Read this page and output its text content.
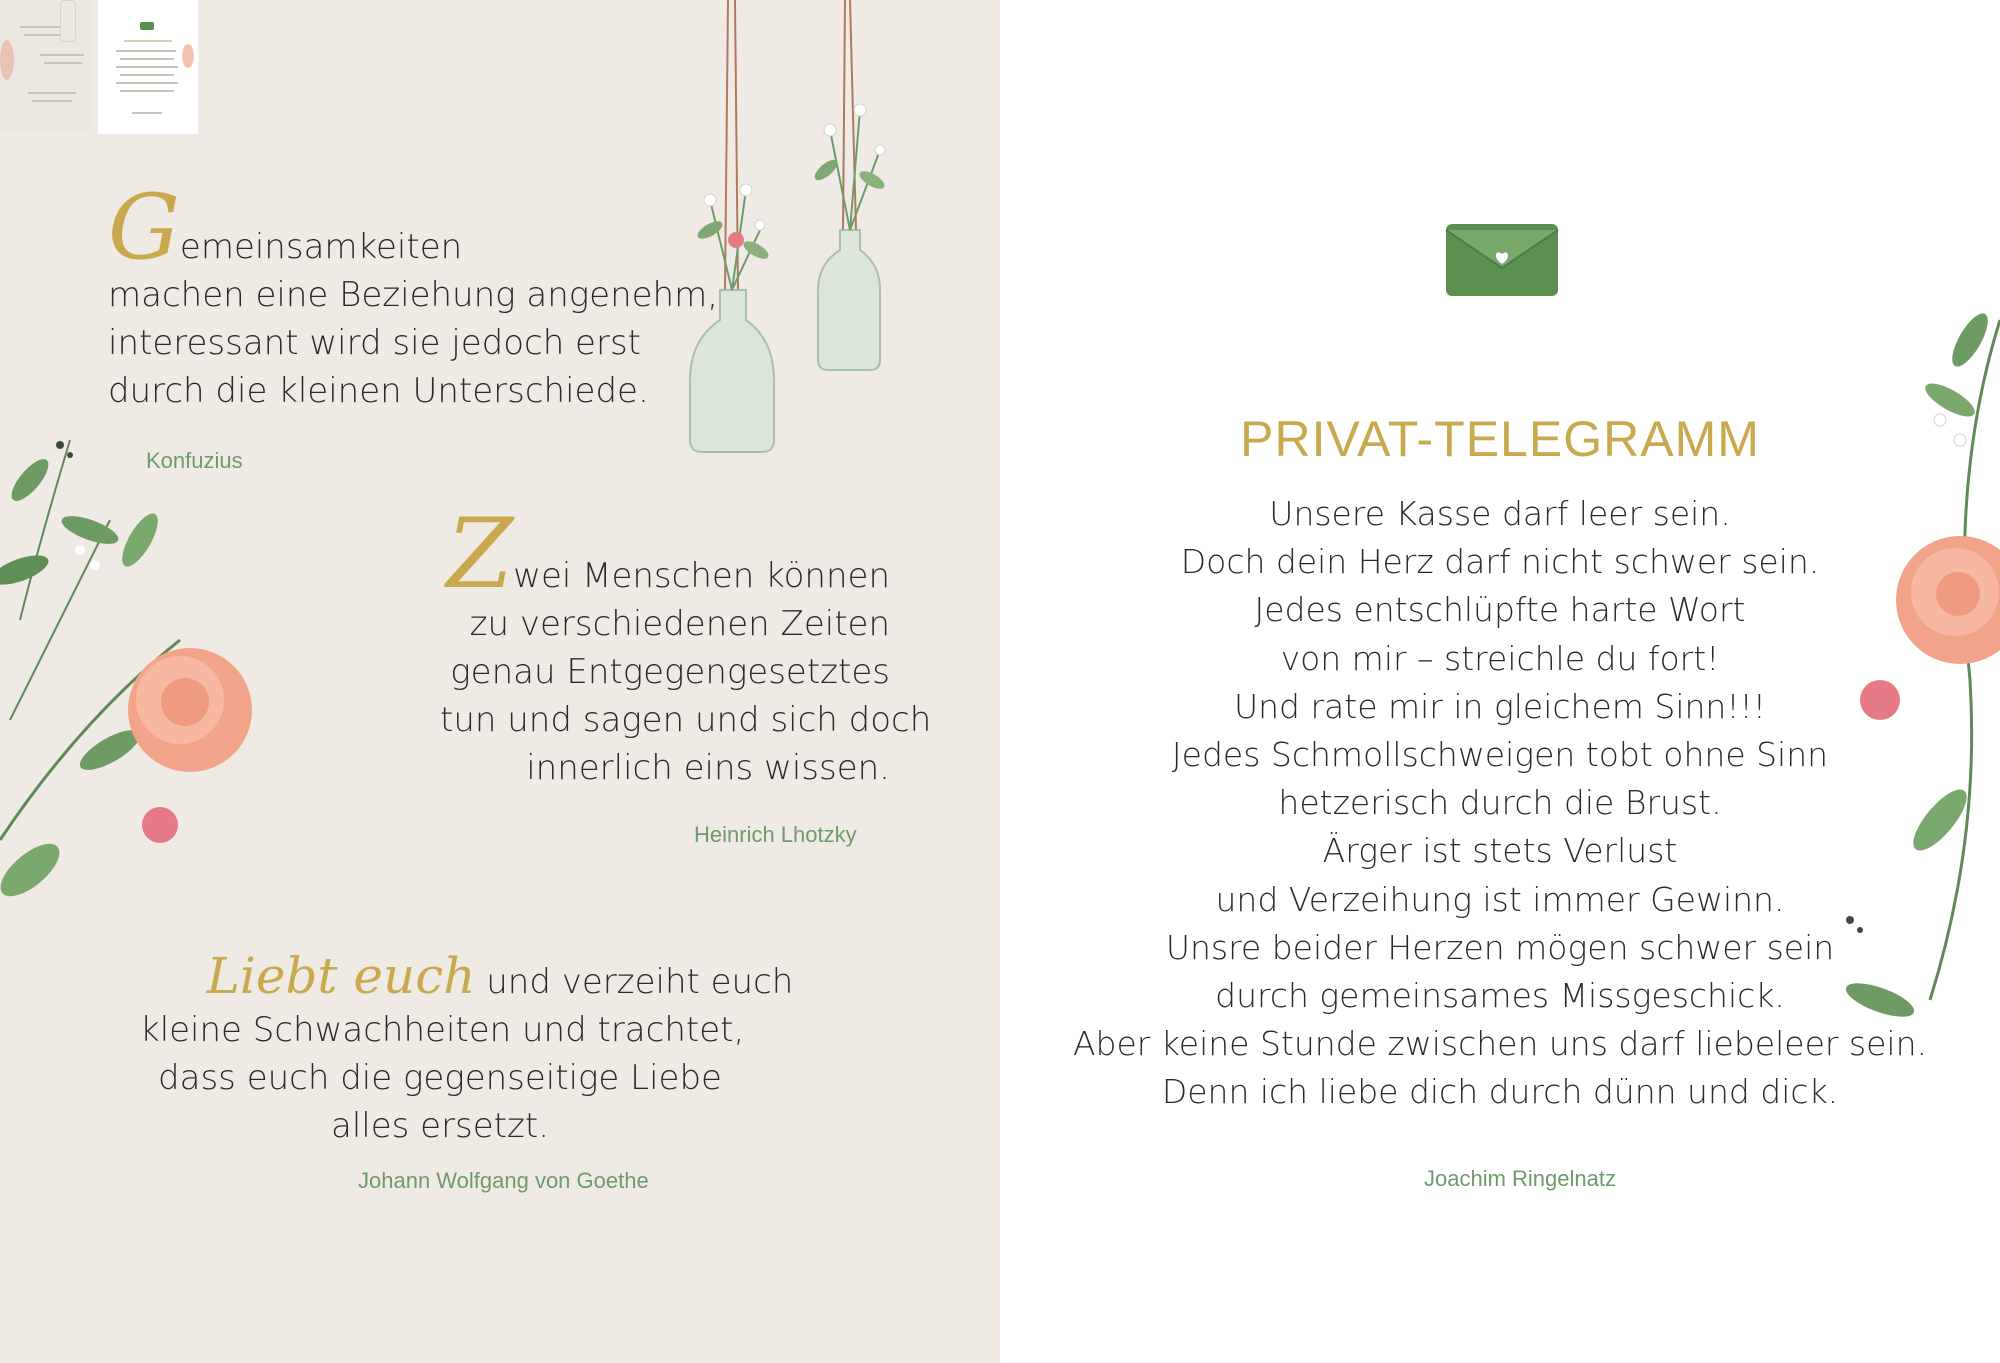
Gemeinsamkeiten
machen eine Beziehung angenehm,
interessant wird sie jedoch erst
durch die kleinen Unterschiede.
Konfuzius
Zwei Menschen können
zu verschiedenen Zeiten
genau Entgegengesetztes
tun und sagen und sich doch
innerlich eins wissen.
Heinrich Lhotzky
Liebt euch und verzeiht euch
kleine Schwachheiten und trachtet,
dass euch die gegenseitige Liebe
alles ersetzt.
Johann Wolfgang von Goethe
PRIVAT-TELEGRAMM
Unsere Kasse darf leer sein.
Doch dein Herz darf nicht schwer sein.
Jedes entschlüpfte harte Wort
von mir – streichle du fort!
Und rate mir in gleichem Sinn!!!
Jedes Schmollschweigen tobt ohne Sinn
hetzerisch durch die Brust.
Ärger ist stets Verlust
und Verzeihung ist immer Gewinn.
Unsre beider Herzen mögen schwer sein
durch gemeinsames Missgeschick.
Aber keine Stunde zwischen uns darf liebeleer sein.
Denn ich liebe dich durch dünn und dick.
Joachim Ringelnatz
